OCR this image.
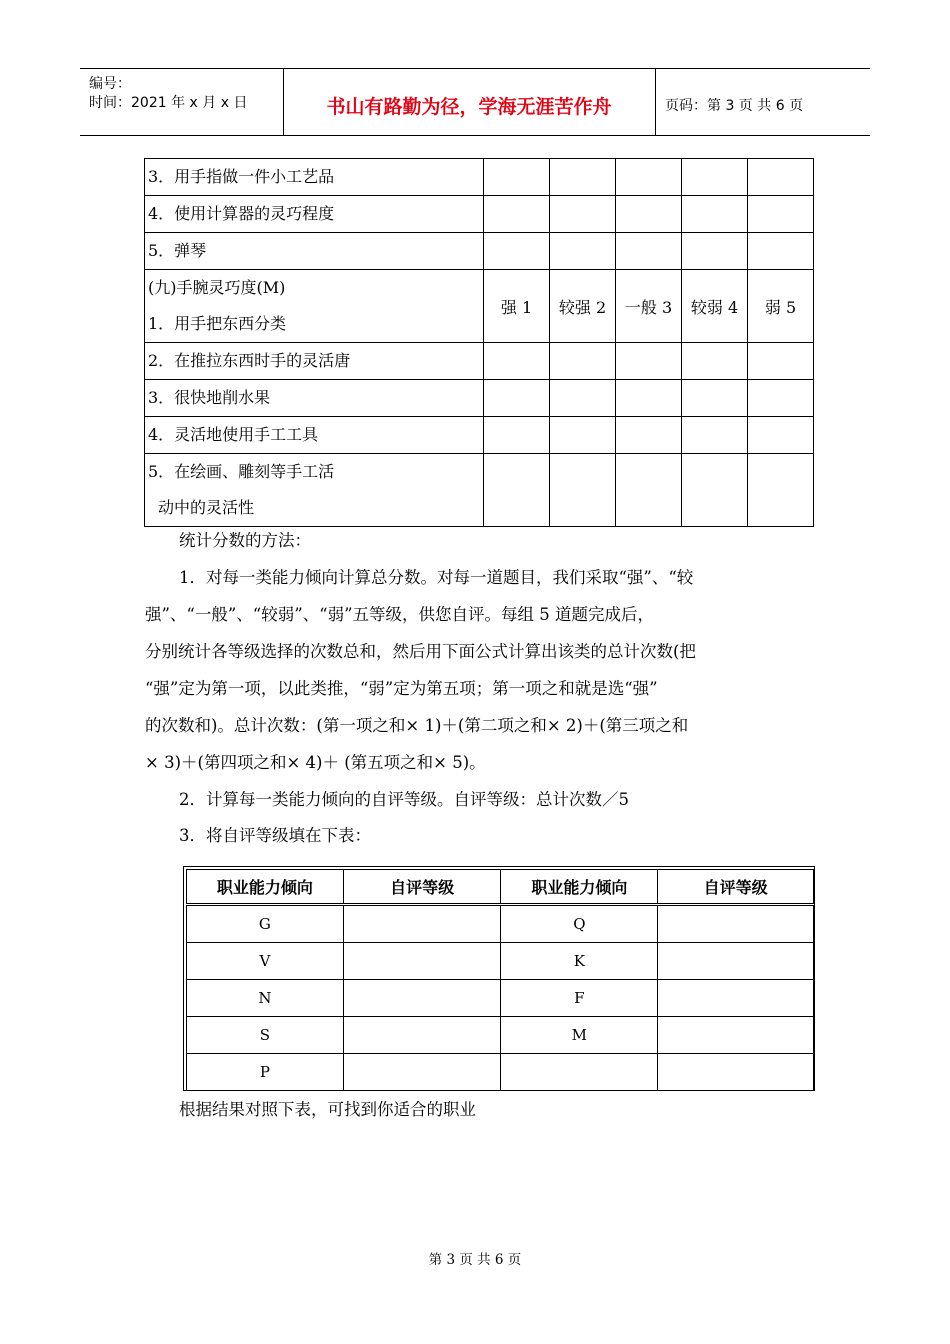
编号：
时间：2021 年 x 月 x 日	书山有路勤为径，学海无涯苦作舟	页码：第 3 页 共 6 页
3．用手指做一件小工艺品					
4．使用计算器的灵巧程度					
5．弹琴					

(九)手腕灵巧度(M)
1．用手把东西分类	强 1	较强 2	一般 3	较弱 4	弱 5
2．在推拉东西时手的灵活唐					
3．很快地削水果					
4．灵活地使用手工工具					

5．在绘画、雕刻等手工活
动中的灵活性					

统计分数的方法：
1．对每一类能力倾向计算总分数。对每一道题目，我们采取“强”、“较
强”、“一般”、“较弱”、“弱”五等级，供您自评。每组 5 道题完成后，
分别统计各等级选择的次数总和，然后用下面公式计算出该类的总计次数(把
“强”定为第一项，以此类推，“弱”定为第五项；第一项之和就是选“强”
的次数和)。总计次数：(第一项之和× 1)＋(第二项之和× 2)＋(第三项之和
× 3)＋(第四项之和× 4)＋ (第五项之和× 5)。
2．计算每一类能力倾向的自评等级。自评等级：总计次数／5
3．将自评等级填在下表：
职业能力倾向	自评等级	职业能力倾向	自评等级
G		Q	
V		K	
N		F	
S		M	
P			
根据结果对照下表，可找到你适合的职业
第 3 页 共 6 页
